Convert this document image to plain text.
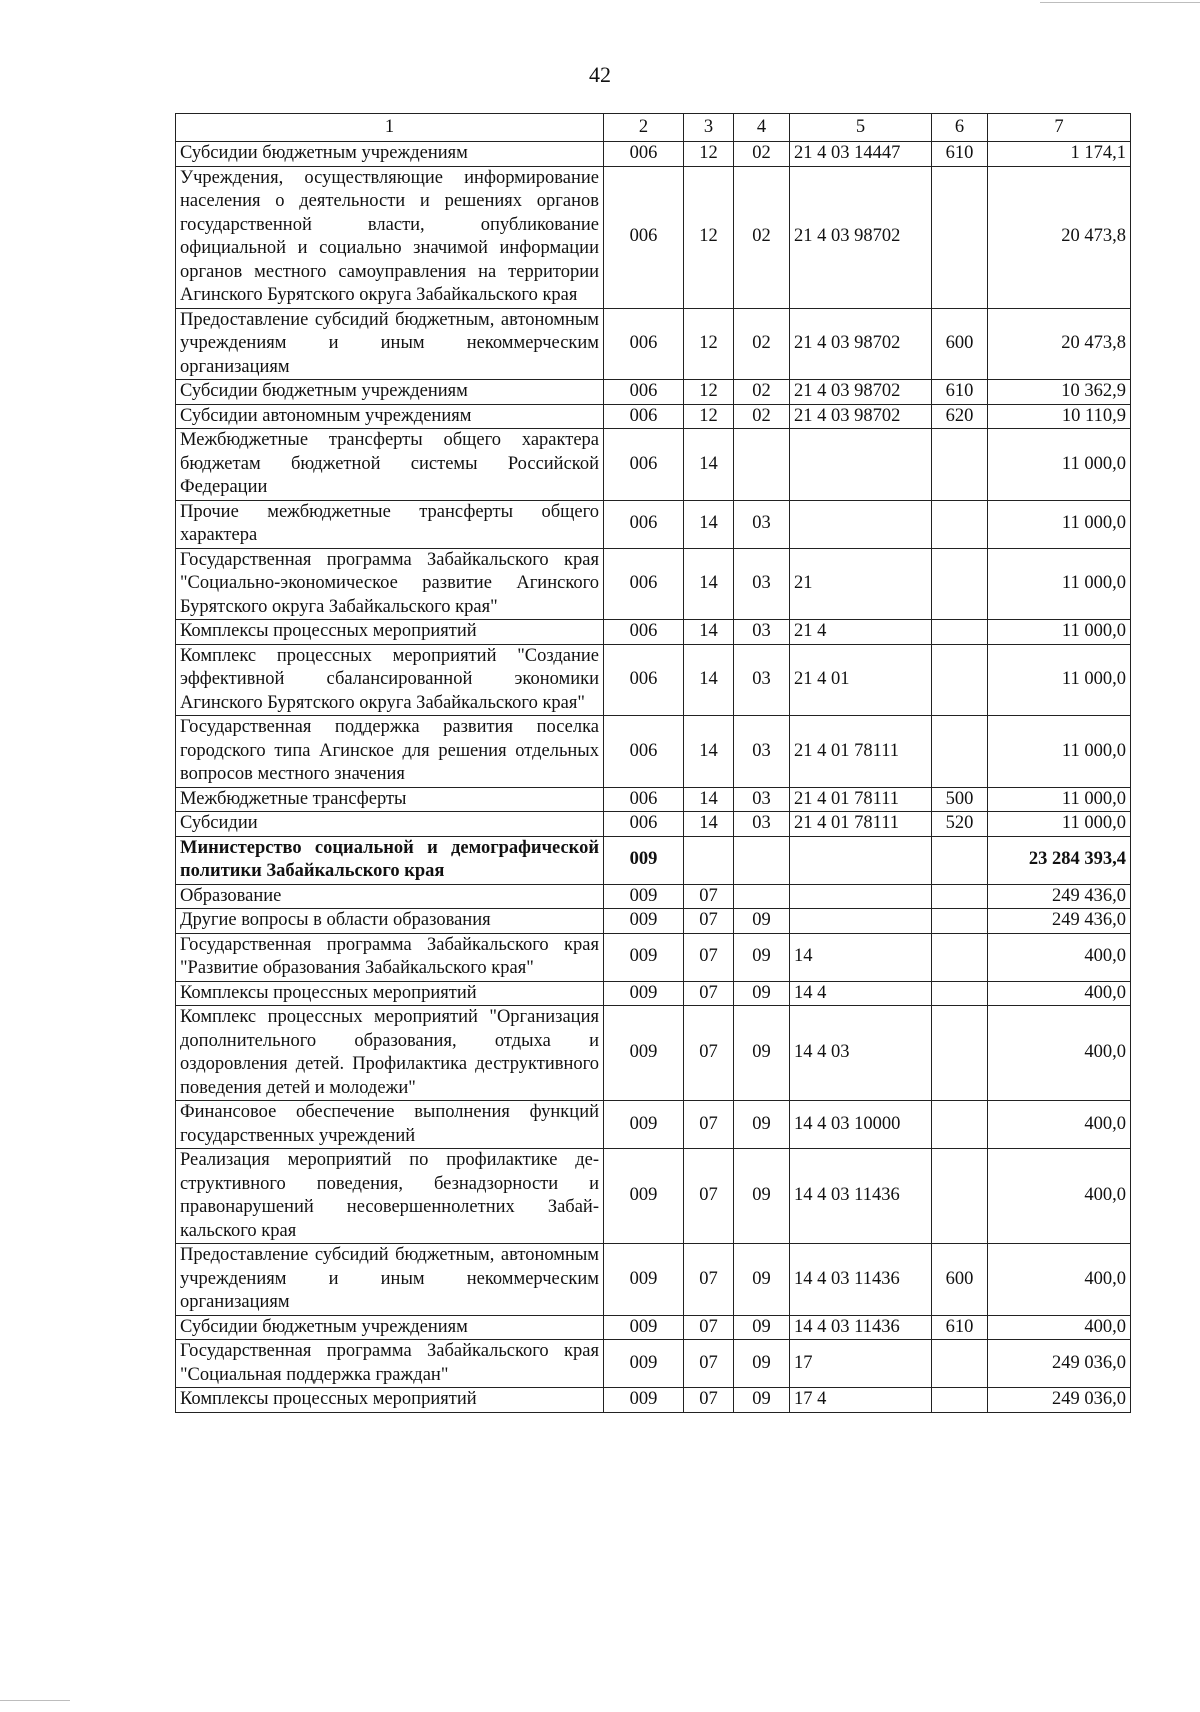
42
1	2	3	4	5	6	7
Субсидии бюджетным учреждениям	006	12	02	21 4 03 14447	610	1 174,1
Учреждения, осуществляющие информирование населения о деятельности и решениях органов государственной власти, опубликование официальной и социально значимой информации органов местного самоуправления на территории Агинского Бурятского округа Забайкальского края	006	12	02	21 4 03 98702		20 473,8
Предоставление субсидий бюджетным, автономным учреждениям и иным некоммерческим организациям	006	12	02	21 4 03 98702	600	20 473,8
Субсидии бюджетным учреждениям	006	12	02	21 4 03 98702	610	10 362,9
Субсидии автономным учреждениям	006	12	02	21 4 03 98702	620	10 110,9
Межбюджетные трансферты общего характера бюджетам бюджетной системы Российской Федерации	006	14				11 000,0
Прочие межбюджетные трансферты общего характера	006	14	03			11 000,0
Государственная программа Забайкальского края "Социально-экономическое развитие Агинского Бурятского округа Забайкальского края"	006	14	03	21		11 000,0
Комплексы процессных мероприятий	006	14	03	21 4		11 000,0
Комплекс процессных мероприятий "Создание эффективной сбалансированной экономики Агинского Бурятского округа Забайкальского края"	006	14	03	21 4 01		11 000,0
Государственная поддержка развития поселка городского типа Агинское для решения отдельных вопросов местного значения	006	14	03	21 4 01 78111		11 000,0
Межбюджетные трансферты	006	14	03	21 4 01 78111	500	11 000,0
Субсидии	006	14	03	21 4 01 78111	520	11 000,0
Министерство социальной и демографической политики Забайкальского края	009					23 284 393,4
Образование	009	07				249 436,0
Другие вопросы в области образования	009	07	09			249 436,0
Государственная программа Забайкальского края "Развитие образования Забайкальского края"	009	07	09	14		400,0
Комплексы процессных мероприятий	009	07	09	14 4		400,0
Комплекс процессных мероприятий "Организация дополнительного образования, отдыха и оздоровления детей. Профилактика деструктивного поведения детей и молодежи"	009	07	09	14 4 03		400,0
Финансовое обеспечение выполнения функций государственных учреждений	009	07	09	14 4 03 10000		400,0
Реализация мероприятий по профилактике деструктивного поведения, безнадзорности и правонарушений несовершеннолетних Забайкальского края	009	07	09	14 4 03 11436		400,0
Предоставление субсидий бюджетным, автономным учреждениям и иным некоммерческим организациям	009	07	09	14 4 03 11436	600	400,0
Субсидии бюджетным учреждениям	009	07	09	14 4 03 11436	610	400,0
Государственная программа Забайкальского края "Социальная поддержка граждан"	009	07	09	17		249 036,0
Комплексы процессных мероприятий	009	07	09	17 4		249 036,0
